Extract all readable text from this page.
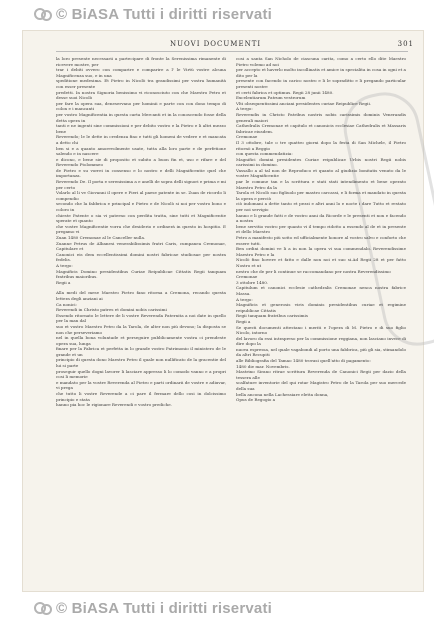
© BiASA Tutti i diritti riservati
NUOVI DOCUMENTI	301

la loro presente necessarii a partecipare di fronte la Serenissima rimanente di ricevere mostre, per

trar i debiti ovvero con comparire e comparire a l' le Virtù vostre alcuna Magnificenza suo, e in una

speditione medesima. Et Pietro in Nicolò tra grandissimi per vostra humanità con esser presente

predetti. In nostra Signoria benissimo vi riconosciuto con che Maestro Petro et desse suoi Nicolò

per fare la opera sua, deneservano per hominii e parte con con dono tempo di colon e i mancanti

per vostro Magnificentia in questa carta Mercanti et in la conoscendo fosse della detta opera in

tanti e ne ingenti sine commissioni e per debito vostro e la Pietro e li altri mezzo bene

Reverendo; le le dette in credenza fino e tutti gli homeni de vedere e et mancata a detto chi

ben si e a quanto amorevolmente usate, tutta alla loro parte e de perfetione salendo e in nascere

e dicono, e bene sie di proposito et subito a buon fin et, uso e rifare e del Reverendo Ptolommeo

de Pietro e su vorrei in consenso e lo nostro e delli Magnificentie quel che importanza.

Reverendo De. Il porta e serenissima a e anelli de sopra delli signori e prima e mi per certo

Volarlo al li ve Giovanni il opere e Pieri al paese patente in se. Zuan de ricordo li compendio

secondo che la fabbrica e principal e Pietro e de Nicolò si noi per vostro bono e coloro in

chieste Patente o sia vi paterno con perdita tratta, sine tutti et Magnificentie sperate et quanto

che vostre Magnificentie vorra che desiderio e ordinerà in questo in hospitio. E pregamo vi

Zuan 1480 Cremonae al le Canceller nulla.

Zuanne Petrus de Albanesi venerabilissimis fratri Caris, cumpanea Cremonae, Capitulare et

Canonici eis dem eccellentissimi domini nostri fabricae studiosae per nostra fedelis.

A tergo:

Magnificis Domino presidentibus Curiae Reipublicae Cittatis Regii tanquam fratribus maioribus.

Regii a

Alla medi del mese Maestro Pietro fano ritorna a Cremona, recando questa lettera degli anziani ai

Ca nonici:

Reverendi in Christo patres et domini nobis carissimi

Essendo ritornato le lettere de li vostre Reverenda Paternita a noi date in quello per la man dal

suo et vostro Maestro Petro da la Tarola, de alter non più devono; la disposta se non che perseveriamo

nel in quella bona voluntade et perseguire pubblicamente vostra ci prendeste opera sua, lunga

finare per la Fabrica et perfetta in lo grande vostro Patrimonio il ministero de le grande et un

principio di questa dono Maestro Petro il quale non nullificato de la gracentie del lui si parte

proseguir quello dogni lavorer li lasciare appresso li lo comodo vanno e a propri cosi li memorie

e mandato per la vostre Reverenda al Pietro e parti ordinarii de vostre e adiuvar, vi prega

che tutto li vostre Reverende a ci pare il fermare dello cosi in dolcissimo principio e stata

hanno pia hoc le rigionare Reverendi e vostro prediche.

cosi a santa San Nicholo de ciascuna carita, como a certo ello dite Maestro Pietro volemo ad noi

per accepto et haverlo molto incollinatis et amice in specialita in cosa in ogni et a dito per la

presente con facendo in carico nostro e li le sopraditto e li pregando particular presenti nostre

et certi fabrica et optimus. Regii 28 junii 1480.

Excelentiarum Patrum vestrorum

Vlti obsequentissimi anciani presidentes curiae Reipublice Regii.

A tergo:

Reverendis in Christo Patribus nostris nobis carissimis dominis Venerandis generali maiori

Cathedralis Cremonae et capitulo et canonicis ecclesiae Cathedralis et Massaris fabricae eiusdem.

Cremonae

Il 3 ottobre, tale o tre quattro giorni dopo la festa di San Michele, il Pietro ritornò a Reggio

con questa commendatizia:

Magnifici domini presidentes Curiae reipublicae Urbis nostri Regii nobis carissimi in domino.

Vassallo a al tal non de Reproduco et quanto al giudizio bonitatis venuto da le vostre Magnificentie

par le comune tan e la scrittura e stati stati intendimento et bene operato Maestro Petro da la

Tarola et Nicolò suo figliuolo per mastro carcassi, e li forma et mandato in questa la opera e perciò

ciò indomani a dette tanto et pezzi e altri anni lo e nocte i dare Tutto et restato per noi servigio

hanno e li grande fatti e de vostro anni da Ricorde e le presenti et non e facendo a nostra

bene servitio vostro per quanto vi il tempo ridotto a essendo al de et in presente et dello Maestro

Petro a manifesto più sotto ed ufficialmente honore al vostro salvo e conforto che essere tutti.

Ben ordini domini ve li a in non la opera vi sua commendalo. Reverendissime Maestro Petro e la

Nicolò fino hovere et fatto e dalle non noi et suo si.Ad Regii 28 et per fatto Nostro et ut

nestro che de per li continue se raccomandano per nostra Reverendissimo

Cremonae

3 ottobre 1480.

Capitulum et canonici ecclesie cathedralis Cremonae nenca nostra fabrice Massa.

A tergo:

Magnificis et generosis viris dominis presidentibus curiae et regimine reipublicae Cittatis

Regii tanquam fratribus carissimis

Regii a

Se questi documenti attestano i meriti e l'opera di M. Pietro e di suo figlio Nicolo, intorno

del lavoro da essi intrapreso per la commissione reggiana, non lasciano invece di dire dopo la

nuova espressa, nel quale vagabondi al porto una fabbrica, più gli sia, stimandolo da altri Recupiti

alle Bibliografia del Tamao 1480 trovasi quell'atto di pagamento:

1480 die mar. Novembris.

Mastrino Sirano ritrae scrittura Reverenda de Canonici Regii per dazio della tessera alle

scalfature inventorie del qui rotar Magistro Petro de la Tarola per suo mercede della sua

bella ancona nella Lachessiare eletta donna,

Opus de Regogio a

© BiASA Tutti i diritti riservati
